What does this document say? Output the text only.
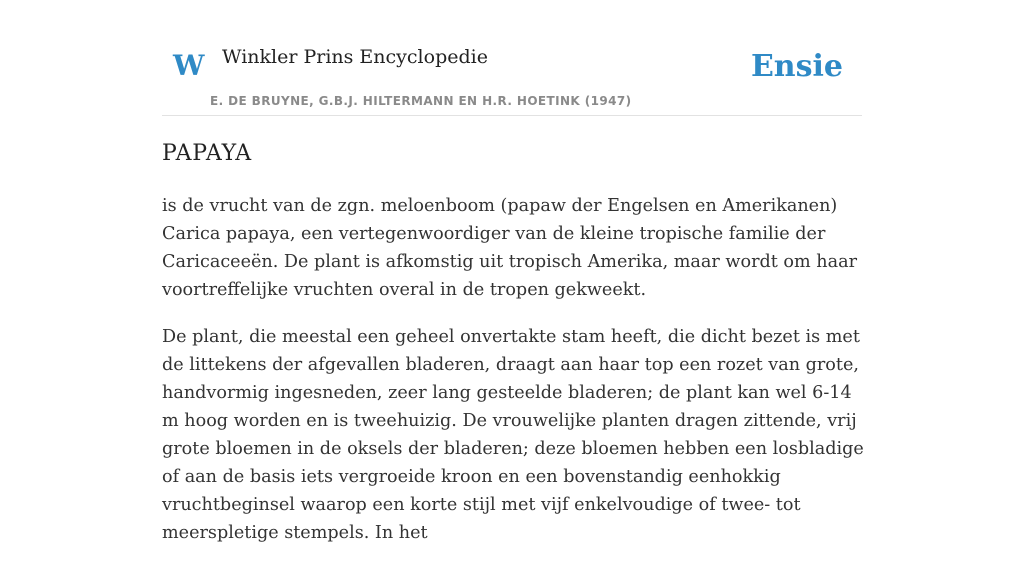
W Winkler Prins Encyclopedie
E. DE BRUYNE, G.B.J. HILTERMANN EN H.R. HOETINK (1947)
Ensie
PAPAYA

is de vrucht van de zgn. meloenboom (papaw der Engelsen en Amerikanen) Carica papaya, een vertegenwoordiger van de kleine tropische familie der Caricaceeën. De plant is afkomstig uit tropisch Amerika, maar wordt om haar voortreffelijke vruchten overal in de tropen gekweekt.

De plant, die meestal een geheel onvertakte stam heeft, die dicht bezet is met de littekens der afgevallen bladeren, draagt aan haar top een rozet van grote, handvormig ingesneden, zeer lang gesteelde bladeren; de plant kan wel 6-14 m hoog worden en is tweehuizig. De vrouwelijke planten dragen zittende, vrij grote bloemen in de oksels der bladeren; deze bloemen hebben een losbladige of aan de basis iets vergroeide kroon en een bovenstandig eenhokkig vruchtbeginsel waarop een korte stijl met vijf enkelvoudige of twee- tot meerspletige stempels. In het
